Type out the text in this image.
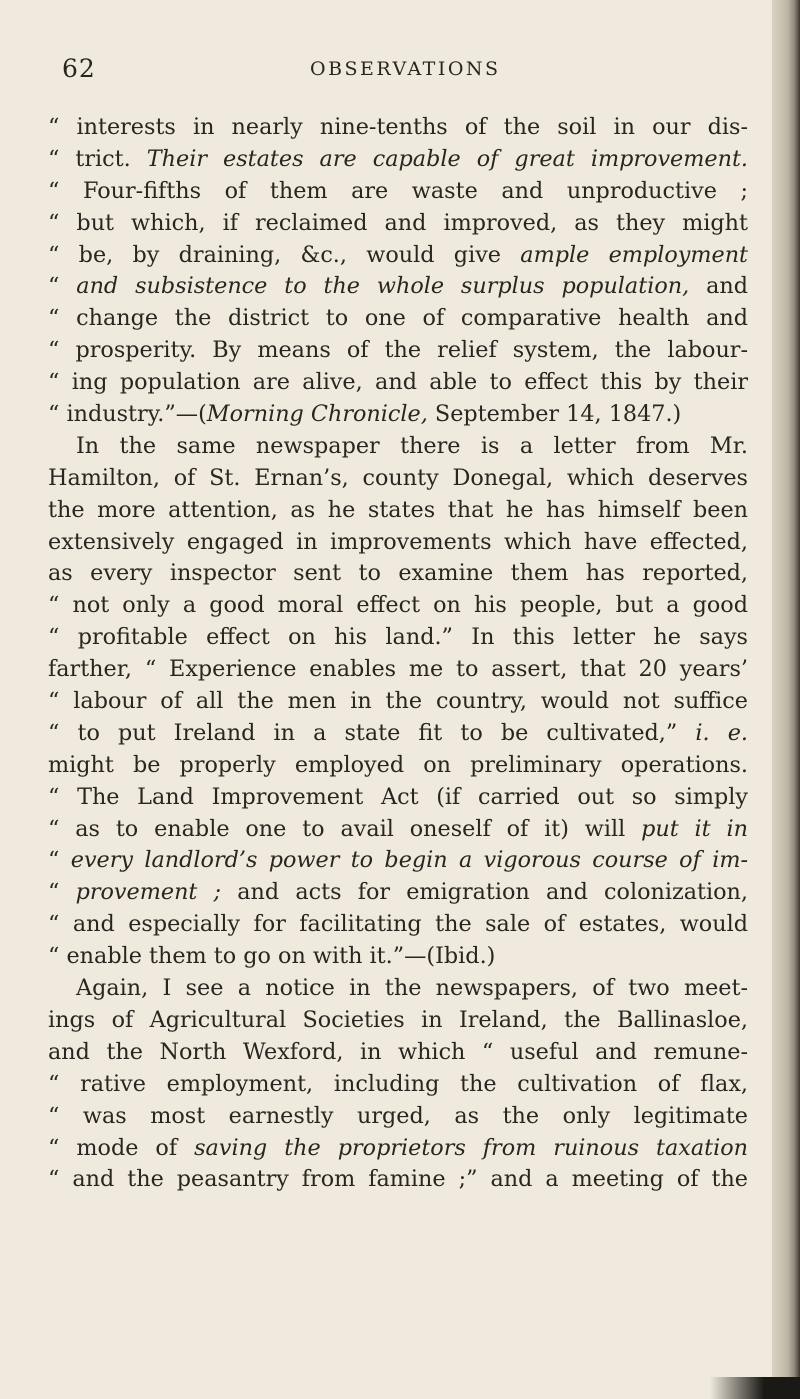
62	OBSERVATIONS
“ interests in nearly nine-tenths of the soil in our dis-
“ trict. Their estates are capable of great improvement.
“ Four-fifths of them are waste and unproductive ;
“ but which, if reclaimed and improved, as they might
“ be, by draining, &c., would give ample employment
“ and subsistence to the whole surplus population, and
“ change the district to one of comparative health and
“ prosperity. By means of the relief system, the labour-
“ ing population are alive, and able to effect this by their
“ industry.”—(Morning Chronicle, September 14, 1847.)
In the same newspaper there is a letter from Mr.
Hamilton, of St. Ernan’s, county Donegal, which deserves
the more attention, as he states that he has himself been
extensively engaged in improvements which have effected,
as every inspector sent to examine them has reported,
“ not only a good moral effect on his people, but a good
“ profitable effect on his land.” In this letter he says
farther, “ Experience enables me to assert, that 20 years’
“ labour of all the men in the country, would not suffice
“ to put Ireland in a state fit to be cultivated,” i. e.
might be properly employed on preliminary operations.
“ The Land Improvement Act (if carried out so simply
“ as to enable one to avail oneself of it) will put it in
“ every landlord’s power to begin a vigorous course of im-
“ provement ; and acts for emigration and colonization,
“ and especially for facilitating the sale of estates, would
“ enable them to go on with it.”—(Ibid.)
Again, I see a notice in the newspapers, of two meet-
ings of Agricultural Societies in Ireland, the Ballinasloe,
and the North Wexford, in which “ useful and remune-
“ rative employment, including the cultivation of flax,
“ was most earnestly urged, as the only legitimate
“ mode of saving the proprietors from ruinous taxation
“ and the peasantry from famine ;” and a meeting of the
